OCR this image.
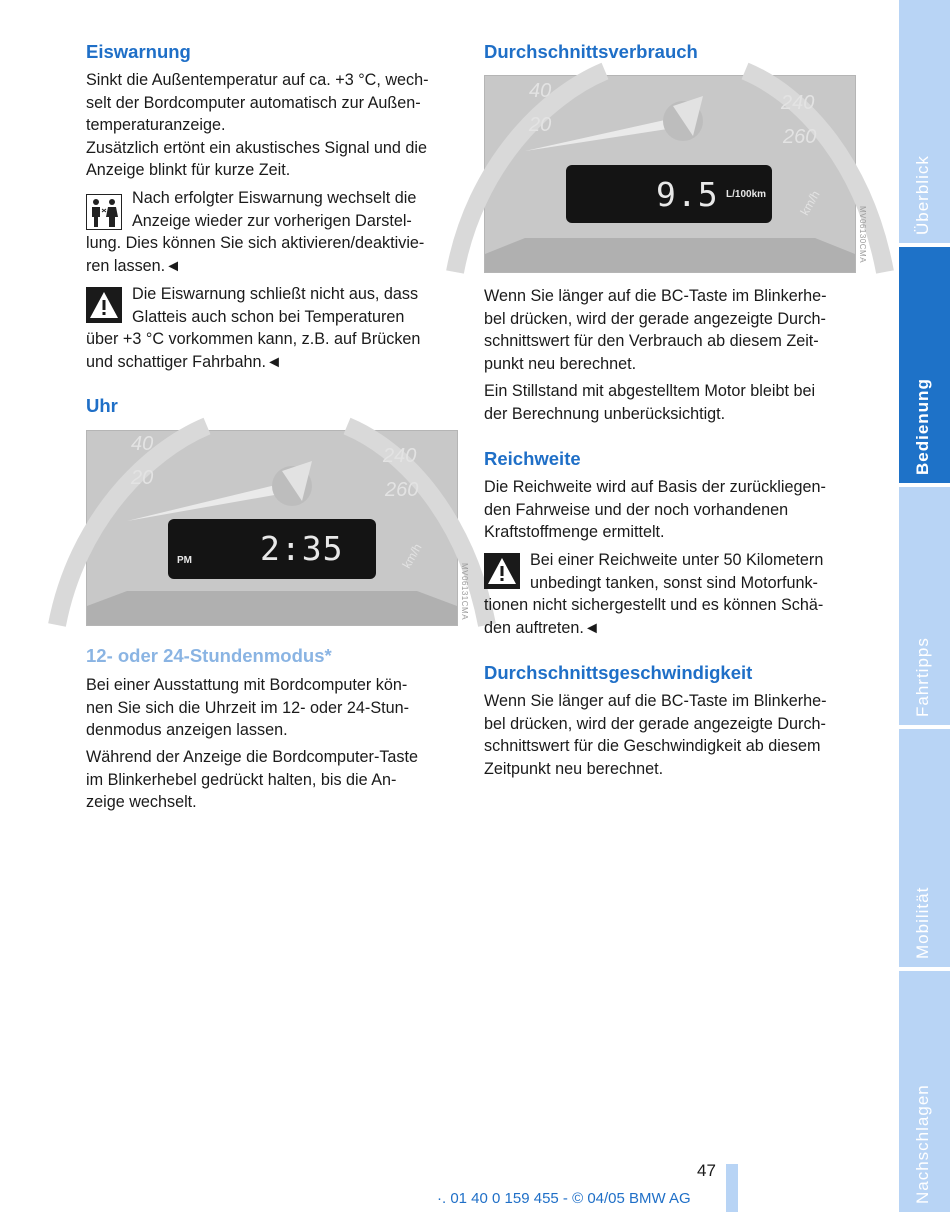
Eiswarnung

Sinkt die Außentemperatur auf ca. +3 °C, wech-
selt der Bordcomputer automatisch zur Außen-
temperaturanzeige.
Zusätzlich ertönt ein akustisches Signal und die
Anzeige blinkt für kurze Zeit.

Nach erfolgter Eiswarnung wechselt die
Anzeige wieder zur vorherigen Darstel-
lung. Dies können Sie sich aktivieren/deaktivie-
ren lassen.◄
Die Eiswarnung schließt nicht aus, dass
Glatteis auch schon bei Temperaturen
über +3 °C vorkommen kann, z.B. auf Brücken
und schattiger Fahrbahn.◄
Uhr
40
20
240
260
km/h
PM 2:35
MV06131CMA
12- oder 24-Stundenmodus*

Bei einer Ausstattung mit Bordcomputer kön-
nen Sie sich die Uhrzeit im 12- oder 24-Stun-
denmodus anzeigen lassen.

Während der Anzeige die Bordcomputer-Taste
im Blinkerhebel gedrückt halten, bis die An-
zeige wechselt.

Durchschnittsverbrauch
40
20
240
260
km/h
9.5 L/100km
MV06130CMA

Wenn Sie länger auf die BC-Taste im Blinkerhe-
bel drücken, wird der gerade angezeigte Durch-
schnittswert für den Verbrauch ab diesem Zeit-
punkt neu berechnet.

Ein Stillstand mit abgestelltem Motor bleibt bei
der Berechnung unberücksichtigt.

Reichweite

Die Reichweite wird auf Basis der zurückliegen-
den Fahrweise und der noch vorhandenen
Kraftstoffmenge ermittelt.

Bei einer Reichweite unter 50 Kilometern
unbedingt tanken, sonst sind Motorfunk-
tionen nicht sichergestellt und es können Schä-
den auftreten.◄
Durchschnittsgeschwindigkeit

Wenn Sie länger auf die BC-Taste im Blinkerhe-
bel drücken, wird der gerade angezeigte Durch-
schnittswert für die Geschwindigkeit ab diesem
Zeitpunkt neu berechnet.

Überblick
Bedienung
Fahrtipps
Mobilität
Nachschlagen
47
·. 01 40 0 159 455 - © 04/05 BMW AG
